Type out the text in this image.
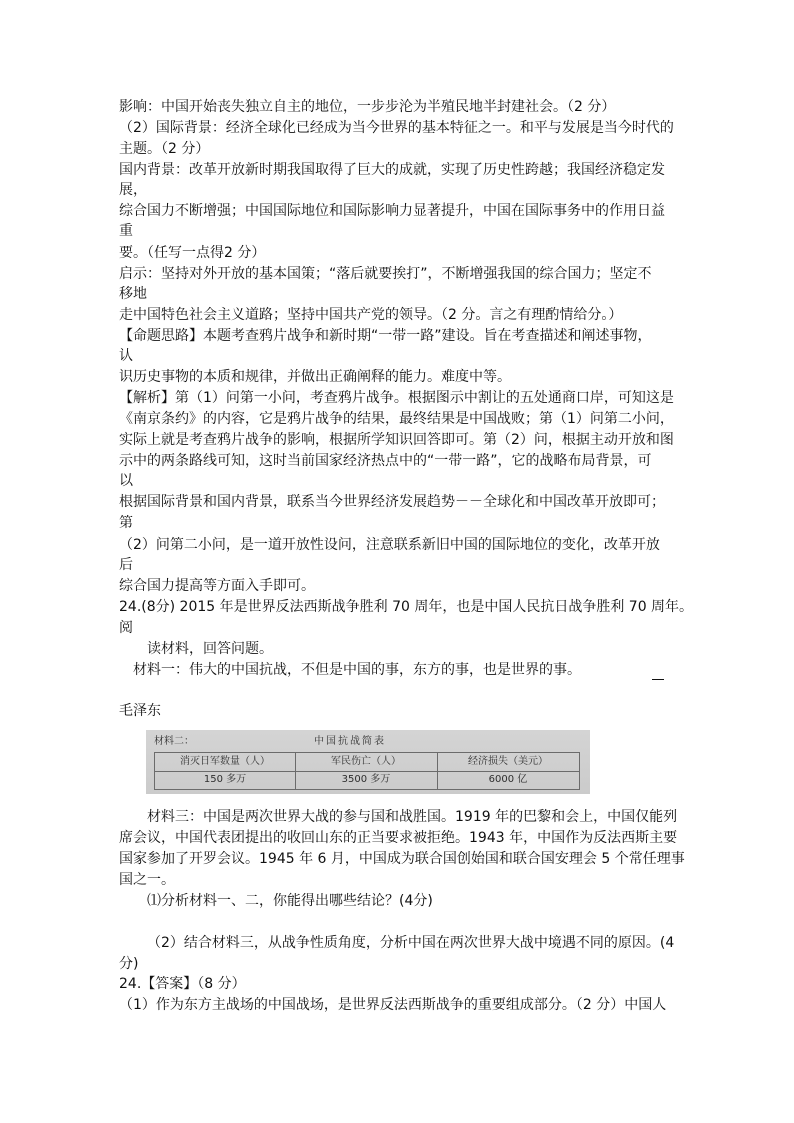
影响：中国开始丧失独立自主的地位，一步步沦为半殖民地半封建社会。（2 分）
（2）国际背景：经济全球化已经成为当今世界的基本特征之一。和平与发展是当今时代的
主题。（2 分）
国内背景：改革开放新时期我国取得了巨大的成就，实现了历史性跨越；我国经济稳定发
展，
综合国力不断增强；中国国际地位和国际影响力显著提升，中国在国际事务中的作用日益
重
要。（任写一点得2 分）
启示：坚持对外开放的基本国策；“落后就要挨打”，不断增强我国的综合国力；坚定不
移地
走中国特色社会主义道路；坚持中国共产党的领导。（2 分。言之有理酌情给分。）
【命题思路】本题考查鸦片战争和新时期“一带一路”建设。旨在考查描述和阐述事物，
认
识历史事物的本质和规律，并做出正确阐释的能力。难度中等。
【解析】第（1）问第一小问，考查鸦片战争。根据图示中割让的五处通商口岸，可知这是
《南京条约》的内容，它是鸦片战争的结果，最终结果是中国战败；第（1）问第二小问，
实际上就是考查鸦片战争的影响，根据所学知识回答即可。第（2）问，根据主动开放和图
示中的两条路线可知，这时当前国家经济热点中的“一带一路”，它的战略布局背景，可
以
根据国际背景和国内背景，联系当今世界经济发展趋势－－全球化和中国改革开放即可；
第
（2）问第二小问，是一道开放性设问，注意联系新旧中国的国际地位的变化，改革开放
后
综合国力提高等方面入手即可。
24.(8分) 2015 年是世界反法西斯战争胜利 70 周年，也是中国人民抗日战争胜利 70 周年。
阅
读材料，回答问题。
材料一：伟大的中国抗战，不但是中国的事，东方的事，也是世界的事。
毛泽东
材料二：	中国抗战简表
消灭日军数量（人）	军民伤亡（人）	经济损失（美元）
150 多万	3500 多万	6000 亿
材料三：中国是两次世界大战的参与国和战胜国。1919 年的巴黎和会上，中国仅能列
席会议，中国代表团提出的收回山东的正当要求被拒绝。1943 年，中国作为反法西斯主要
国家参加了开罗会议。1945 年 6 月，中国成为联合国创始国和联合国安理会 5 个常任理事
国之一。
⑴分析材料一、二，你能得出哪些结论？(4分)
（2）结合材料三，从战争性质角度，分析中国在两次世界大战中境遇不同的原因。(4
分)
24.【答案】（8 分）
（1）作为东方主战场的中国战场，是世界反法西斯战争的重要组成部分。（2 分）中国人
